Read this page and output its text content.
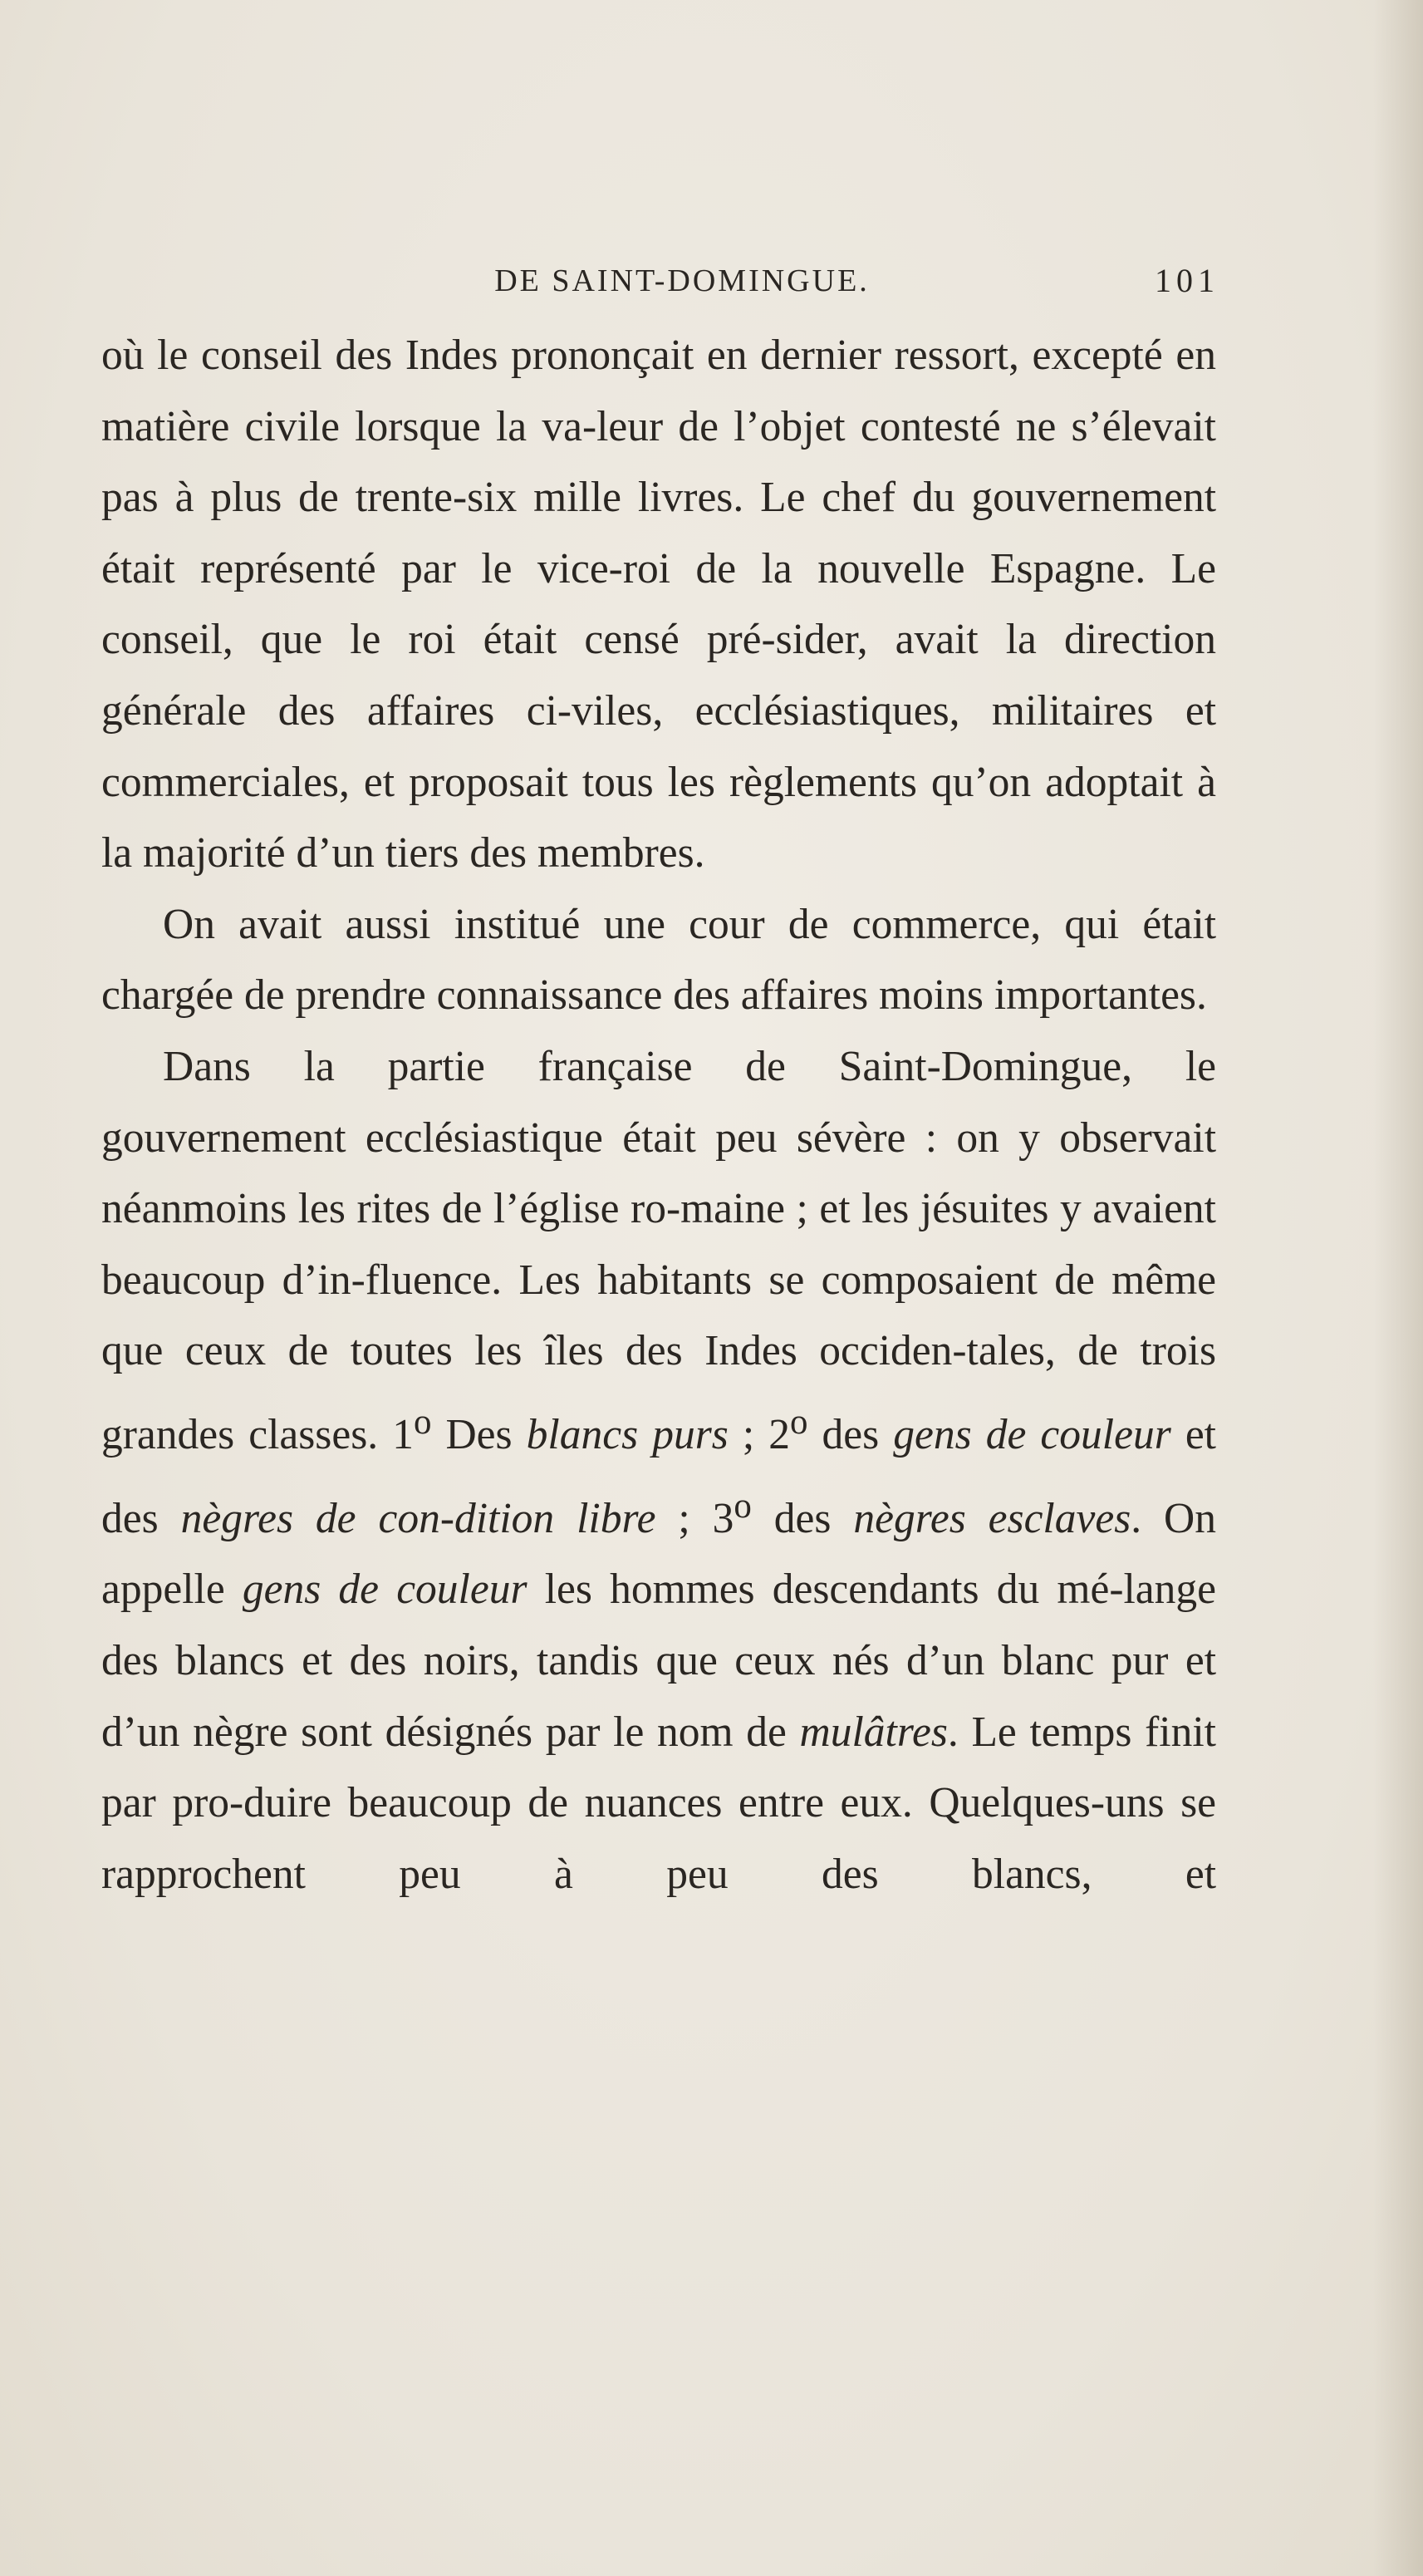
DE SAINT-DOMINGUE.	101

où le conseil des Indes prononçait en dernier ressort, excepté en matière civile lorsque la va-leur de l’objet contesté ne s’élevait pas à plus de trente-six mille livres. Le chef du gouvernement était représenté par le vice-roi de la nouvelle Espagne. Le conseil, que le roi était censé pré-sider, avait la direction générale des affaires ci-viles, ecclésiastiques, militaires et commerciales, et proposait tous les règlements qu’on adoptait à la majorité d’un tiers des membres.

On avait aussi institué une cour de commerce, qui était chargée de prendre connaissance des affaires moins importantes.

Dans la partie française de Saint-Domingue, le gouvernement ecclésiastique était peu sévère : on y observait néanmoins les rites de l’église ro-maine ; et les jésuites y avaient beaucoup d’in-fluence. Les habitants se composaient de même que ceux de toutes les îles des Indes occiden-tales, de trois grandes classes. 1$^o$ Des blancs purs ; 2$^o$ des gens de couleur et des nègres de con-dition libre ; 3$^o$ des nègres esclaves. On appelle gens de couleur les hommes descendants du mé-lange des blancs et des noirs, tandis que ceux nés d’un blanc pur et d’un nègre sont désignés par le nom de mulâtres. Le temps finit par pro-duire beaucoup de nuances entre eux. Quelques-uns se rapprochent peu à peu des blancs, et
